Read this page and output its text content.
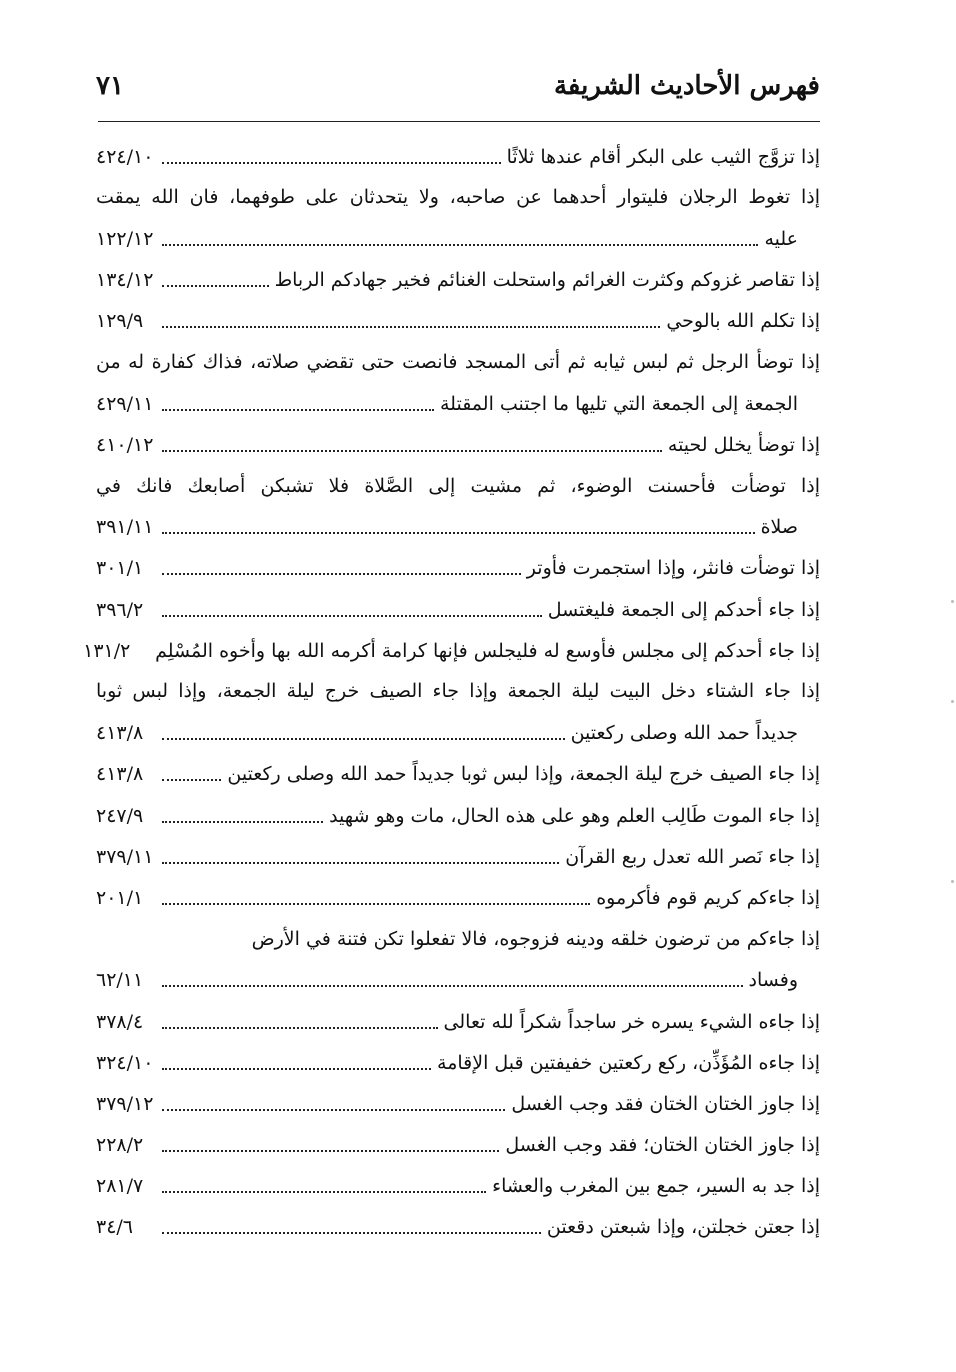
فهرس الأحاديث الشريفة
٧١
إذا تزوَّج الثيب على البكر أقام عندها ثلاثًا
٤٢٤/١٠
إذا تغوط الرجلان فليتوار أحدهما عن صاحبه، ولا يتحدثان على طوفهما، فان الله يمقت
عليه
١٢٢/١٢
إذا تقاصر غزوكم وكثرت الغرائم واستحلت الغنائم فخير جهادكم الرباط
١٣٤/١٢
إذا تكلم الله بالوحي
١٢٩/٩
إذا توضأ الرجل ثم لبس ثيابه ثم أتى المسجد فانصت حتى تقضي صلاته، فذاك كفارة له من
الجمعة إلى الجمعة التي تليها ما اجتنب المقتلة
٤٢٩/١١
إذا توضأ يخلل لحيته
٤١٠/١٢
إذا توضأت فأحسنت الوضوء، ثم مشيت إلى الصَّلاة فلا تشبكن أصابعك فانك في
صلاة
٣٩١/١١
إذا توضأت فانثر، وإذا استجمرت فأوتر
٣٠١/١
إذا جاء أحدكم إلى الجمعة فليغتسل
٣٩٦/٢
إذا جاء أحدكم إلى مجلس فأوسع له فليجلس فإنها كرامة أكرمه الله بها وأخوه المُسْلِم
١٣١/٢
إذا جاء الشتاء دخل البيت ليلة الجمعة وإذا جاء الصيف خرج ليلة الجمعة، وإذا لبس ثوبا
جديداً حمد الله وصلى ركعتين
٤١٣/٨
إذا جاء الصيف خرج ليلة الجمعة، وإذا لبس ثوبا جديداً حمد الله وصلى ركعتين
٤١٣/٨
إذا جاء الموت طَالِب العلم وهو على هذه الحال، مات وهو شهيد
٢٤٧/٩
إذا جاء نَصر الله تعدل ربع القرآن
٣٧٩/١١
إذا جاءكم كريم قوم فأكرموه
٢٠١/١
إذا جاءكم من ترضون خلقه ودينه فزوجوه، فالا تفعلوا تكن فتنة في الأرض
وفساد
٦٢/١١
إذا جاءه الشيء يسره خر ساجداً شكراً لله تعالى
٣٧٨/٤
إذا جاءه المُؤَذِّن، ركع ركعتين خفيفتين قبل الإقامة
٣٢٤/١٠
إذا جاوز الختان الختان فقد وجب الغسل
٣٧٩/١٢
إذا جاوز الختان الختان؛ فقد وجب الغسل
٢٢٨/٢
إذا جد به السير، جمع بين المغرب والعشاء
٢٨١/٧
إذا جعتن خجلتن، وإذا شبعتن دقعتن
٣٤/٦
